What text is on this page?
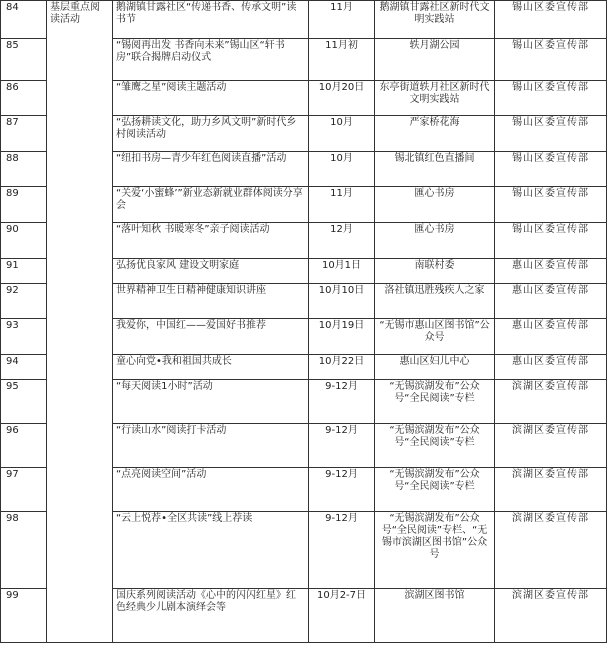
84	基层重点阅读活动	鹅湖镇甘露社区“传递书香、传承文明”读书节	11月	鹅湖镇甘露社区新时代文明实践站	锡山区委宣传部
85		“锡阅再出发 书香向未来”锡山区“轩书房”联合揭牌启动仪式	11月初	轶月湖公园	锡山区委宣传部
86		“雏鹰之星”阅读主题活动	10月20日	东亭街道轶月社区新时代文明实践站	锡山区委宣传部
87		“弘扬耕读文化，助力乡风文明”新时代乡村阅读活动	10月	严家桥花海	锡山区委宣传部
88		“纽扣书房—青少年红色阅读直播”活动	10月	锡北镇红色直播间	锡山区委宣传部
89		“关爱‘小蜜蜂’”新业态新就业群体阅读分享会	11月	匯心书房	锡山区委宣传部
90		“落叶知秋 书暖寒冬”亲子阅读活动	12月	匯心书房	锡山区委宣传部
91		弘扬优良家风 建设文明家庭	10月1日	南联村委	惠山区委宣传部
92		世界精神卫生日精神健康知识讲座	10月10日	洛社镇迅胜残疾人之家	惠山区委宣传部
93		我爱你，中国红——爱国好书推荐	10月19日	“无锡市惠山区图书馆”公众号	惠山区委宣传部
94		童心向党•我和祖国共成长	10月22日	惠山区妇儿中心	惠山区委宣传部
95		“每天阅读1小时”活动	9-12月	“无锡滨湖发布”公众号“全民阅读”专栏	滨湖区委宣传部
96		“行读山水”阅读打卡活动	9-12月	“无锡滨湖发布”公众号“全民阅读”专栏	滨湖区委宣传部
97		“点亮阅读空间”活动	9-12月	“无锡滨湖发布”公众号“全民阅读”专栏	滨湖区委宣传部
98		“云上悦荐•全区共读”线上荐读	9-12月	“无锡滨湖发布”公众号“全民阅读”专栏、“无锡市滨湖区图书馆”公众号	滨湖区委宣传部
99		国庆系列阅读活动《心中的闪闪红星》红色经典少儿剧本演绎会等	10月2-7日	滨湖区图书馆	滨湖区委宣传部
